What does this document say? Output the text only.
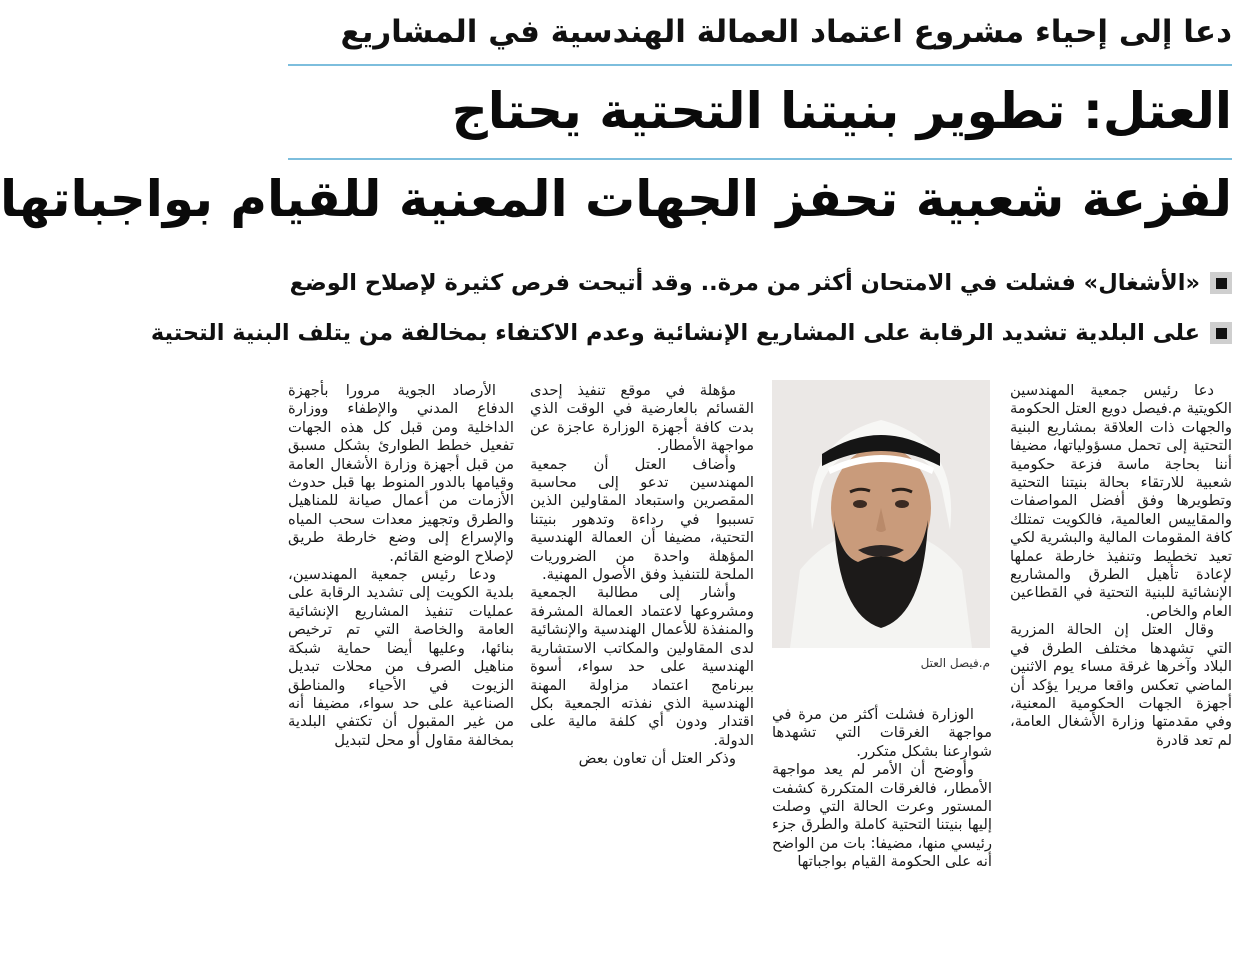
دعا إلى إحياء مشروع اعتماد العمالة الهندسية في المشاريع
العتل: تطوير بنيتنا التحتية يحتاج
لفزعة شعبية تحفز الجهات المعنية للقيام بواجباتها
«الأشغال» فشلت في الامتحان أكثر من مرة.. وقد أتيحت فرص كثيرة لإصلاح الوضع
على البلدية تشديد الرقابة على المشاريع الإنشائية وعدم الاكتفاء بمخالفة من يتلف البنية التحتية

دعا رئيس جمعية المهندسين الكويتية م.فيصل دويع العتل الحكومة والجهات ذات العلاقة بمشاريع البنية التحتية إلى تحمل مسؤولياتها، مضيفا أننا بحاجة ماسة فزعة حكومية شعبية للارتقاء بحالة بنيتنا التحتية وتطويرها وفق أفضل المواصفات والمقاييس العالمية، فالكويت تمتلك كافة المقومات المالية والبشرية لكي تعيد تخطيط وتنفيذ خارطة عملها لإعادة تأهيل الطرق والمشاريع الإنشائية للبنية التحتية في القطاعين العام والخاص.

وقال العتل إن الحالة المزرية التي تشهدها مختلف الطرق في البلاد وآخرها غرقة مساء يوم الاثنين الماضي تعكس واقعا مريرا يؤكد أن أجهزة الجهات الحكومية المعنية، وفي مقدمتها وزارة الأشغال العامة، لم تعد قادرة

م.فيصل العتل

الوزارة فشلت أكثر من مرة في مواجهة الغرقات التي تشهدها شوارعنا بشكل متكرر.

وأوضح أن الأمر لم يعد مواجهة الأمطار، فالغرقات المتكررة كشفت المستور وعرت الحالة التي وصلت إليها بنيتنا التحتية كاملة والطرق جزء رئيسي منها، مضيفا: بات من الواضح أنه على الحكومة القيام بواجباتها

مؤهلة في موقع تنفيذ إحدى القسائم بالعارضية في الوقت الذي بدت كافة أجهزة الوزارة عاجزة عن مواجهة الأمطار.

وأضاف العتل أن جمعية المهندسين تدعو إلى محاسبة المقصرين واستبعاد المقاولين الذين تسببوا في رداءة وتدهور بنيتنا التحتية، مضيفا أن العمالة الهندسية المؤهلة واحدة من الضروريات الملحة للتنفيذ وفق الأصول المهنية.

وأشار إلى مطالبة الجمعية ومشروعها لاعتماد العمالة المشرفة والمنفذة للأعمال الهندسية والإنشائية لدى المقاولين والمكاتب الاستشارية الهندسية على حد سواء، أسوة ببرنامج اعتماد مزاولة المهنة الهندسية الذي نفذته الجمعية بكل اقتدار ودون أي كلفة مالية على الدولة.

وذكر العتل أن تعاون بعض

الأرصاد الجوية مرورا بأجهزة الدفاع المدني والإطفاء ووزارة الداخلية ومن قبل كل هذه الجهات تفعيل خطط الطوارئ بشكل مسبق من قبل أجهزة وزارة الأشغال العامة وقيامها بالدور المنوط بها قبل حدوث الأزمات من أعمال صيانة للمناهيل والطرق وتجهيز معدات سحب المياه والإسراع إلى وضع خارطة طريق لإصلاح الوضع القائم.

ودعا رئيس جمعية المهندسين، بلدية الكويت إلى تشديد الرقابة على عمليات تنفيذ المشاريع الإنشائية العامة والخاصة التي تم ترخيص بنائها، وعليها أيضا حماية شبكة مناهيل الصرف من محلات تبديل الزيوت في الأحياء والمناطق الصناعية على حد سواء، مضيفا أنه من غير المقبول أن تكتفي البلدية بمخالفة مقاول أو محل لتبديل
